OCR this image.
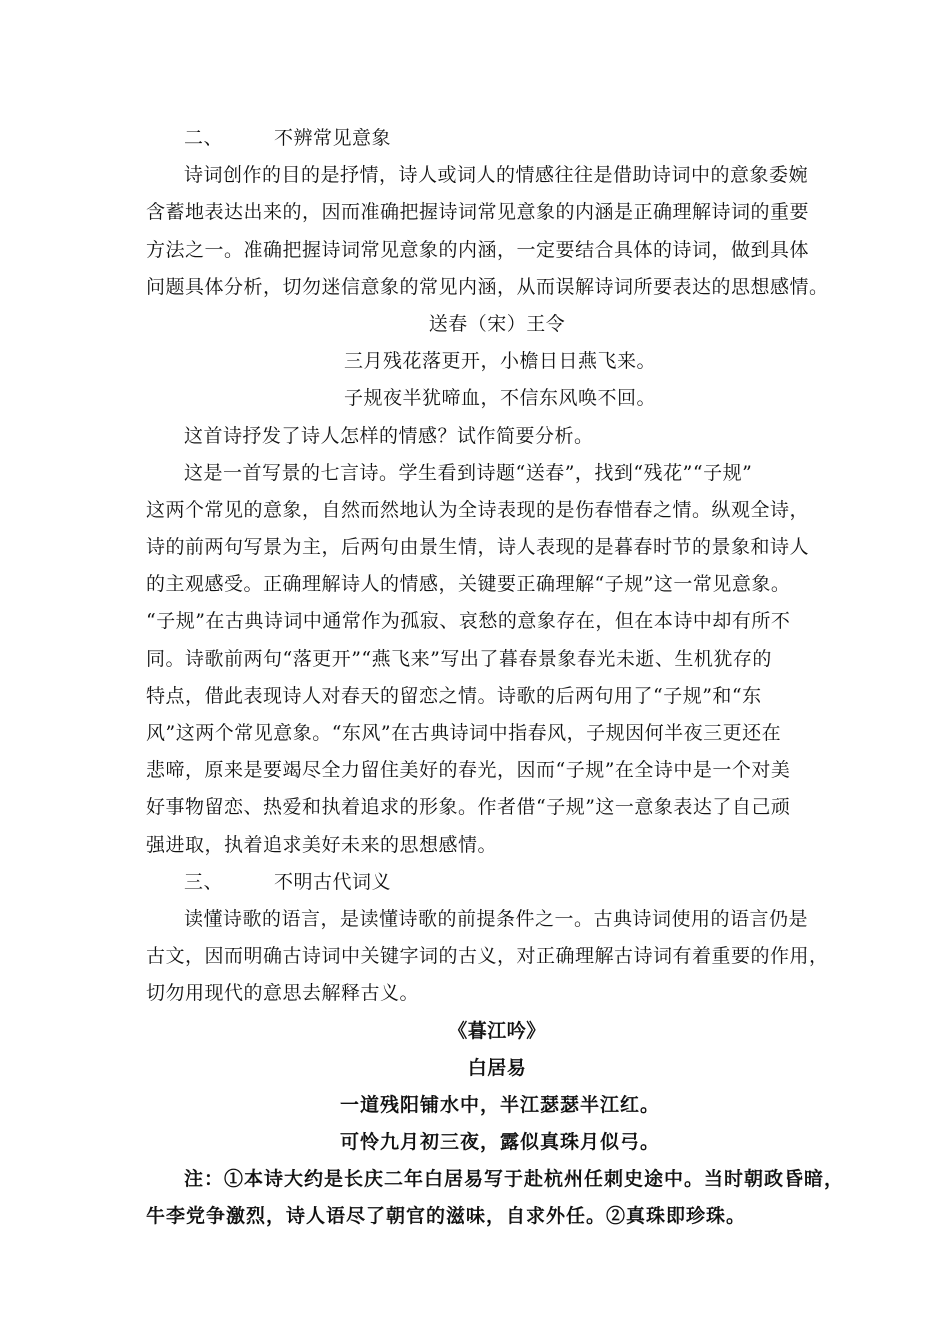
二、	不辨常见意象
诗词创作的目的是抒情，诗人或词人的情感往往是借助诗词中的意象委婉
含蓄地表达出来的，因而准确把握诗词常见意象的内涵是正确理解诗词的重要
方法之一。准确把握诗词常见意象的内涵，一定要结合具体的诗词，做到具体
问题具体分析，切勿迷信意象的常见内涵，从而误解诗词所要表达的思想感情。
送春（宋）王令
三月残花落更开，小檐日日燕飞来。
子规夜半犹啼血，不信东风唤不回。
这首诗抒发了诗人怎样的情感？试作简要分析。
这是一首写景的七言诗。学生看到诗题“送春”，找到“残花”“子规”
这两个常见的意象，自然而然地认为全诗表现的是伤春惜春之情。纵观全诗，
诗的前两句写景为主，后两句由景生情，诗人表现的是暮春时节的景象和诗人
的主观感受。正确理解诗人的情感，关键要正确理解“子规”这一常见意象。
“子规”在古典诗词中通常作为孤寂、哀愁的意象存在，但在本诗中却有所不
同。诗歌前两句“落更开”“燕飞来”写出了暮春景象春光未逝、生机犹存的
特点，借此表现诗人对春天的留恋之情。诗歌的后两句用了“子规”和“东
风”这两个常见意象。“东风”在古典诗词中指春风，子规因何半夜三更还在
悲啼，原来是要竭尽全力留住美好的春光，因而“子规”在全诗中是一个对美
好事物留恋、热爱和执着追求的形象。作者借“子规”这一意象表达了自己顽
强进取，执着追求美好未来的思想感情。
三、	不明古代词义
读懂诗歌的语言，是读懂诗歌的前提条件之一。古典诗词使用的语言仍是
古文，因而明确古诗词中关键字词的古义，对正确理解古诗词有着重要的作用，
切勿用现代的意思去解释古义。
《暮江吟》
白居易
一道残阳铺水中，半江瑟瑟半江红。
可怜九月初三夜，露似真珠月似弓。
注：①本诗大约是长庆二年白居易写于赴杭州任刺史途中。当时朝政昏暗，
牛李党争激烈，诗人语尽了朝官的滋味，自求外任。②真珠即珍珠。
